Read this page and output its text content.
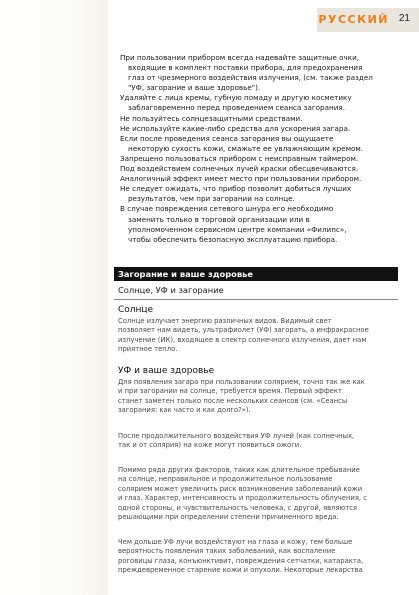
РУССКИЙ 21

При пользовании прибором всегда надевайте защитные очки,

входящие в комплект поставки прибора, для предохранения

глаз от чрезмерного воздействия излучения, (см. также раздел

"УФ, загорание и ваше здоровье").

Удаляйте с лица кремы, губную помаду и другую косметику

заблаговременно перед проведением сеанса загорания.

Не пользуйтесь солнцезащитными средствами.

Не используйте какие-либо средства для ускорения загара.

Если после проведения сеанса загорания вы ощущаете

некоторую сухость кожи, смажьте ее увлажняющим кремом.

Запрещено пользоваться прибором с неисправным таймером.

Под воздействием солнечных лучей краски обесцвечиваются.

Аналогичный эффект имеет место при пользовании прибором.

Не следует ожидать, что прибор позволит добиться лучших

результатов, чем при загорании на солнце.

В случае повреждения сетевого шнура его необходимо

заменить только в торговой организации или в

уполномоченном сервисном центре компании «Филипс»,

чтобы обеспечить безопасную эксплуатацию прибора.

Загорание и ваше здоровье
Солнце, УФ и загорание
Солнце
Солнце излучает энергию различных видов. Видимый свет
позволяет нам видеть, ультрафиолет (УФ) загорать, а инфракрасное
излучение (ИК), входящее в спектр солнечного излучения, дает нам
приятное тепло.
УФ и ваше здоровье
Для появления загара при пользовании солярием, точно так же как
и при загорании на солнце, требуется время. Первый эффект
станет заметен только после нескольких сеансов (см. «Сеансы
загорания: как часто и как долго?»).
После продолжительного воздействия УФ лучей (как солнечных,
так и от солярия) на коже могут появиться ожоги.
Помимо ряда других факторов, таких как длительное пребывание
на солнце, неправильное и продолжительное пользование
солярием может увеличить риск возникновения заболеваний кожи
и глаз. Характер, интенсивность и продолжительность облучения, с
одной стороны, и чувствительность человека, с другой, являются
решающими при определении степени причиненного вреда.
Чем дольше УФ лучи воздействуют на глаза и кожу, тем больше
вероятность появления таких заболеваний, как воспаление
роговицы глаза, конъюнктивит, повреждения сетчатки, катаракта,
преждевременное старение кожи и опухоли. Некоторые лекарства
